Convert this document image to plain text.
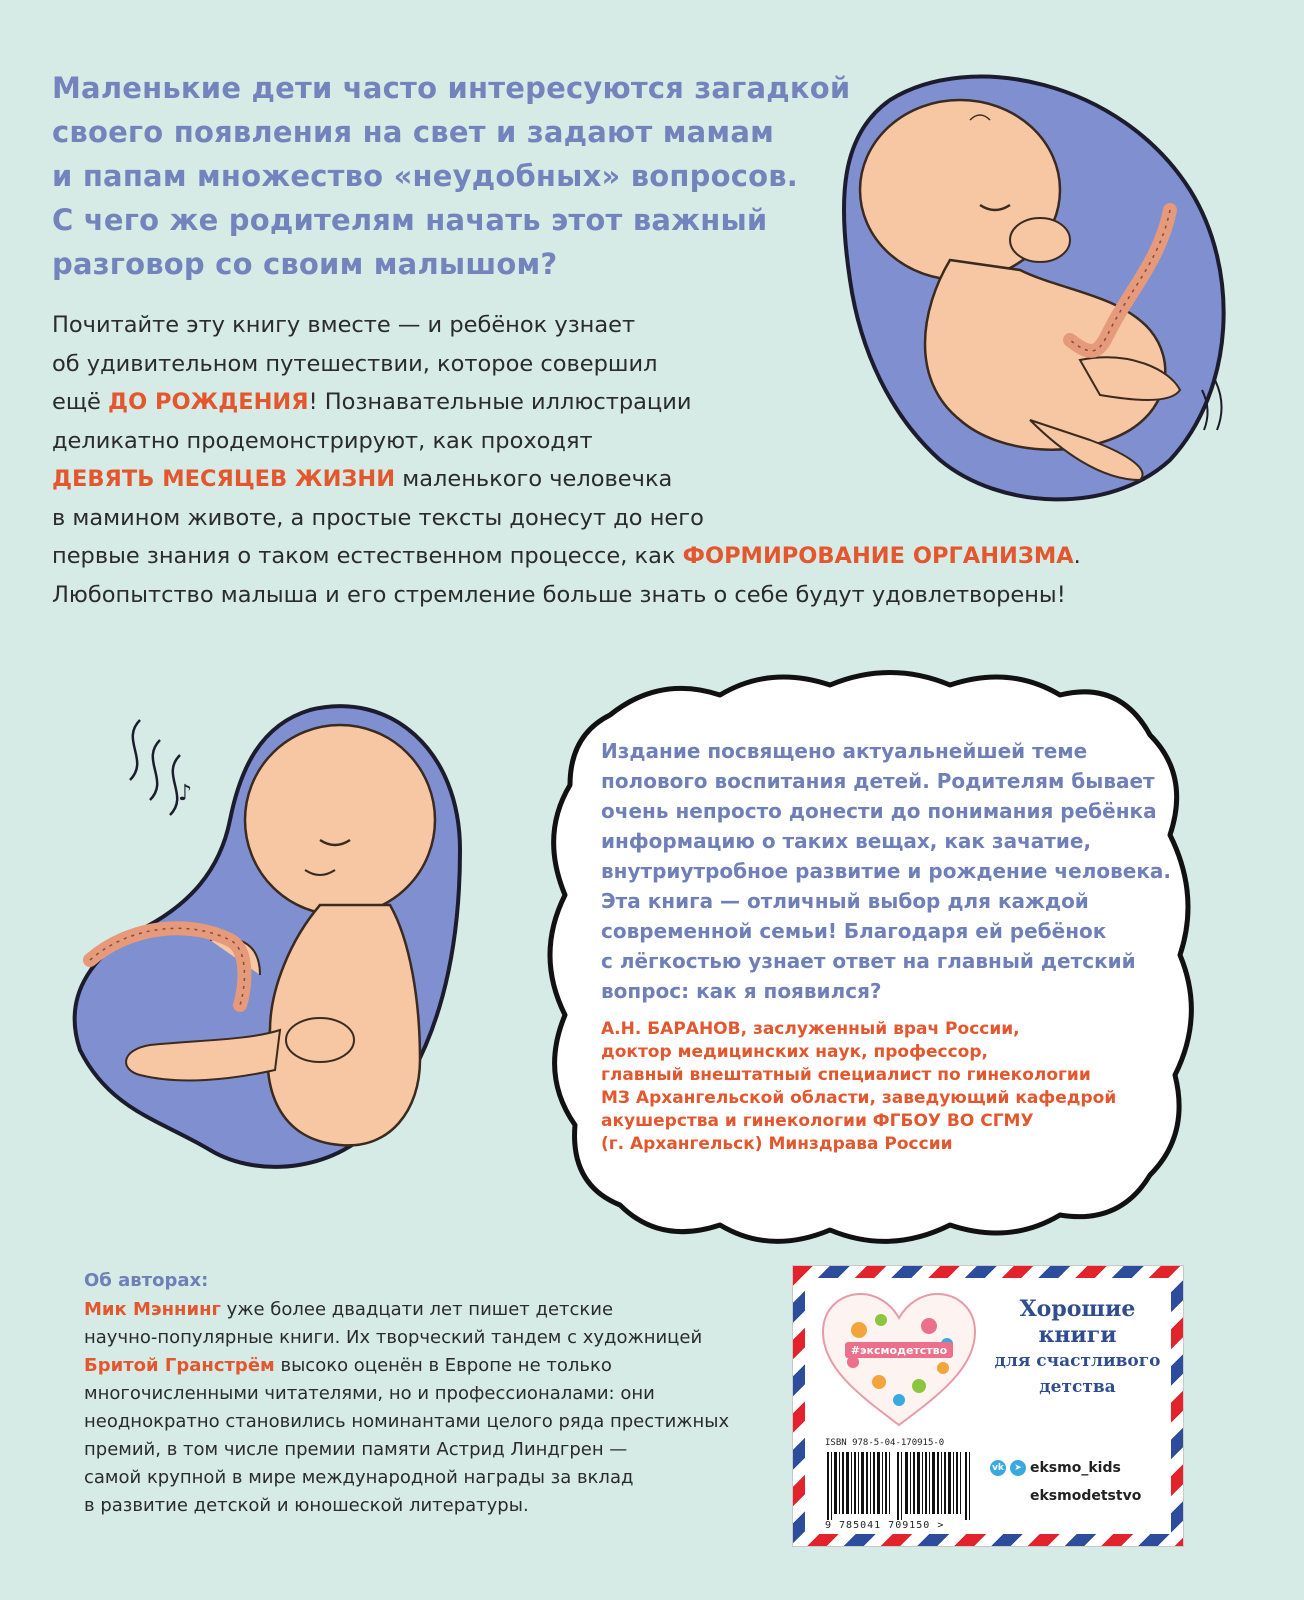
Маленькие дети часто интересуются загадкой
своего появления на свет и задают мамам
и папам множество «неудобных» вопросов.
С чего же родителям начать этот важный
разговор со своим малышом?
Почитайте эту книгу вместе — и ребёнок узнает
об удивительном путешествии, которое совершил
ещё ДО РОЖДЕНИЯ! Познавательные иллюстрации
деликатно продемонстрируют, как проходят
ДЕВЯТЬ МЕСЯЦЕВ ЖИЗНИ маленького человечка
в мамином животе, а простые тексты донесут до него
первые знания о таком естественном процессе, как ФОРМИРОВАНИЕ ОРГАНИЗМА.
Любопытство малыша и его стремление больше знать о себе будут удовлетворены!
♪
Издание посвящено актуальнейшей теме
полового воспитания детей. Родителям бывает
очень непросто донести до понимания ребёнка
информацию о таких вещах, как зачатие,
внутриутробное развитие и рождение человека.
Эта книга — отличный выбор для каждой
современной семьи! Благодаря ей ребёнок
с лёгкостью узнает ответ на главный детский
вопрос: как я появился?
А.Н. БАРАНОВ, заслуженный врач России,
доктор медицинских наук, профессор,
главный внештатный специалист по гинекологии
МЗ Архангельской области, заведующий кафедрой
акушерства и гинекологии ФГБОУ ВО СГМУ
(г. Архангельск) Минздрава России
Об авторах:
Мик Мэннинг уже более двадцати лет пишет детские
научно-популярные книги. Их творческий тандем с художницей
Бритой Гранстрём высоко оценён в Европе не только
многочисленными читателями, но и профессионалами: они
неоднократно становились номинантами целого ряда престижных
премий, в том числе премии памяти Астрид Линдгрен —
самой крупной в мире международной награды за вклад
в развитие детской и юношеской литературы.
#эксмодетство
Хорошие
книги
для счастливого
детства
ISBN 978-5-04-170915-0
9 785041 709150 >
vk	➤ eksmo_kids
eksmodetstvo
